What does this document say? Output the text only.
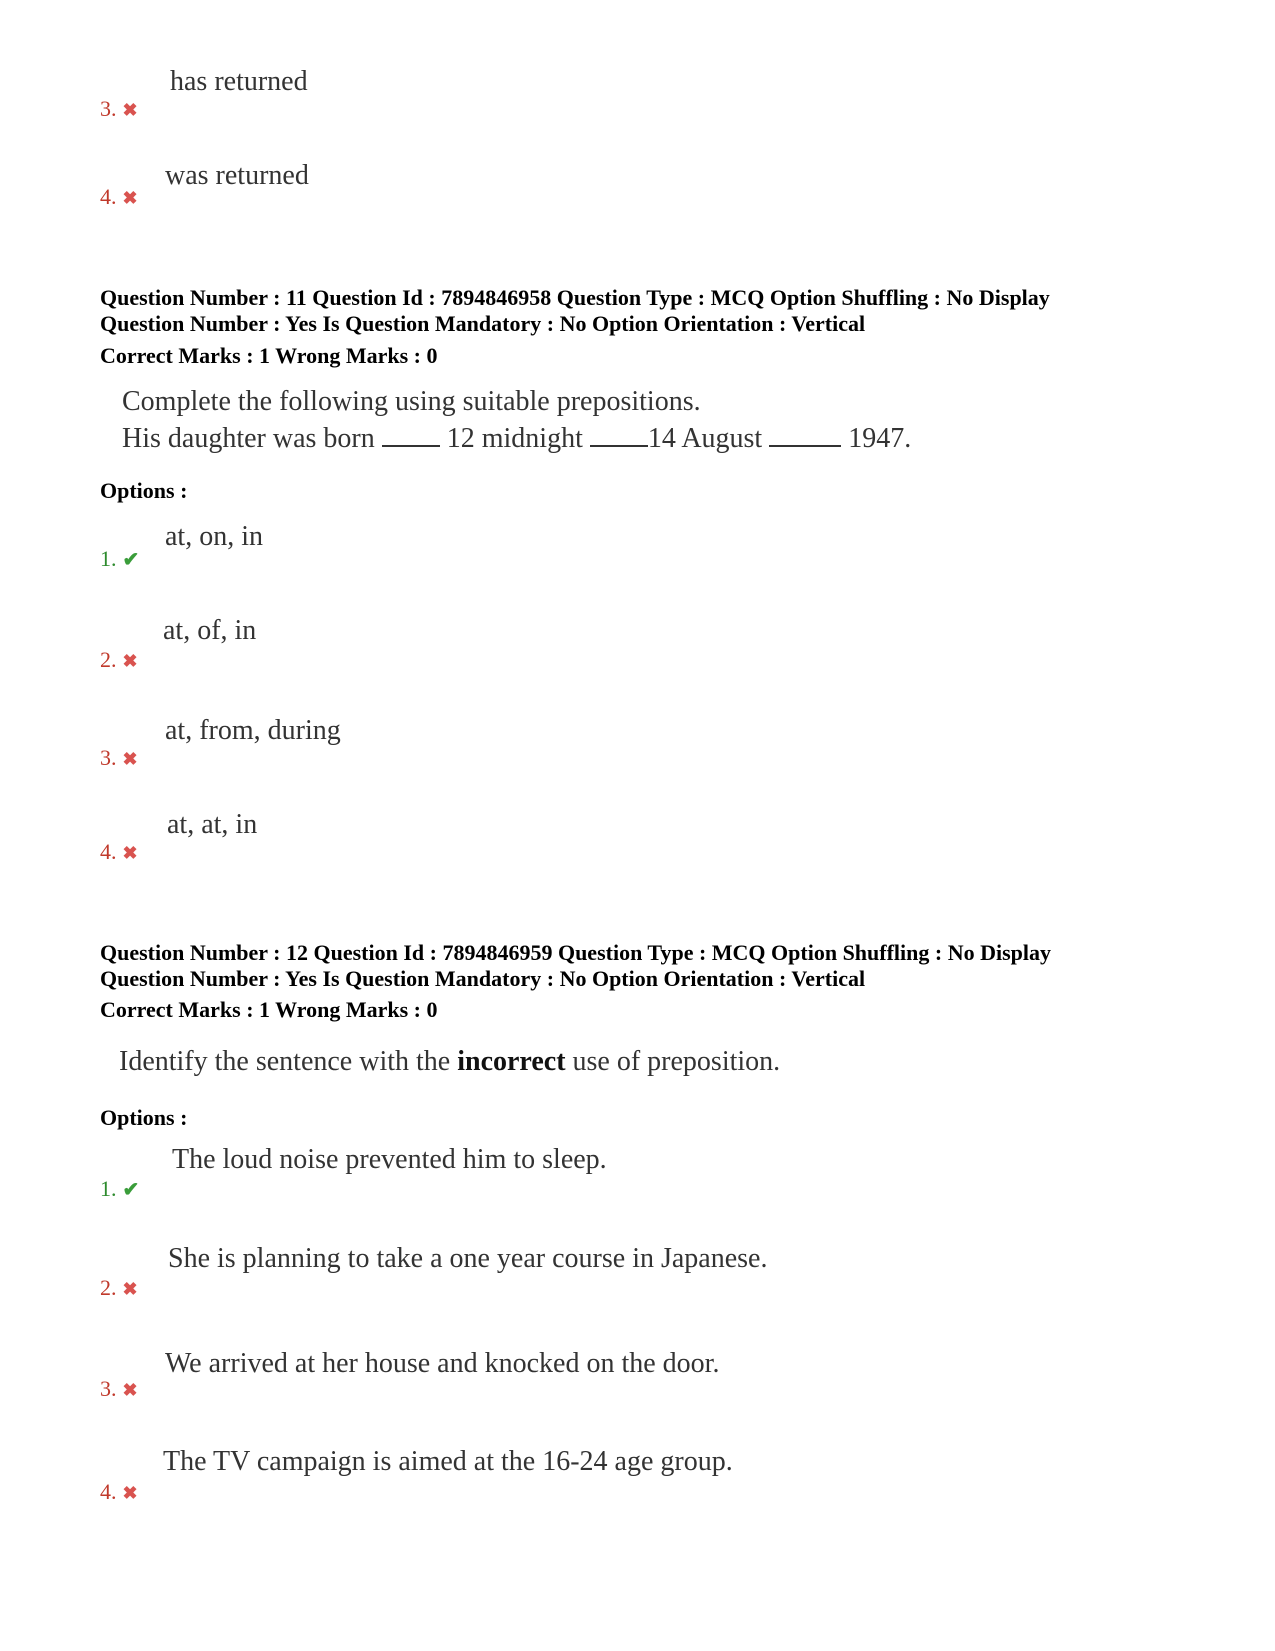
has returned
3. ✖
was returned
4. ✖
Question Number : 11 Question Id : 7894846958 Question Type : MCQ Option Shuffling : No Display
Question Number : Yes Is Question Mandatory : No Option Orientation : Vertical
Correct Marks : 1 Wrong Marks : 0
Complete the following using suitable prepositions.
His daughter was born	12 midnight 14 August	1947.
Options :
at, on, in
1. ✔
at, of, in
2. ✖
at, from, during
3. ✖
at, at, in
4. ✖
Question Number : 12 Question Id : 7894846959 Question Type : MCQ Option Shuffling : No Display
Question Number : Yes Is Question Mandatory : No Option Orientation : Vertical
Correct Marks : 1 Wrong Marks : 0
Identify the sentence with the incorrect use of preposition.
Options :
The loud noise prevented him to sleep.
1. ✔
She is planning to take a one year course in Japanese.
2. ✖
We arrived at her house and knocked on the door.
3. ✖
The TV campaign is aimed at the 16-24 age group.
4. ✖
